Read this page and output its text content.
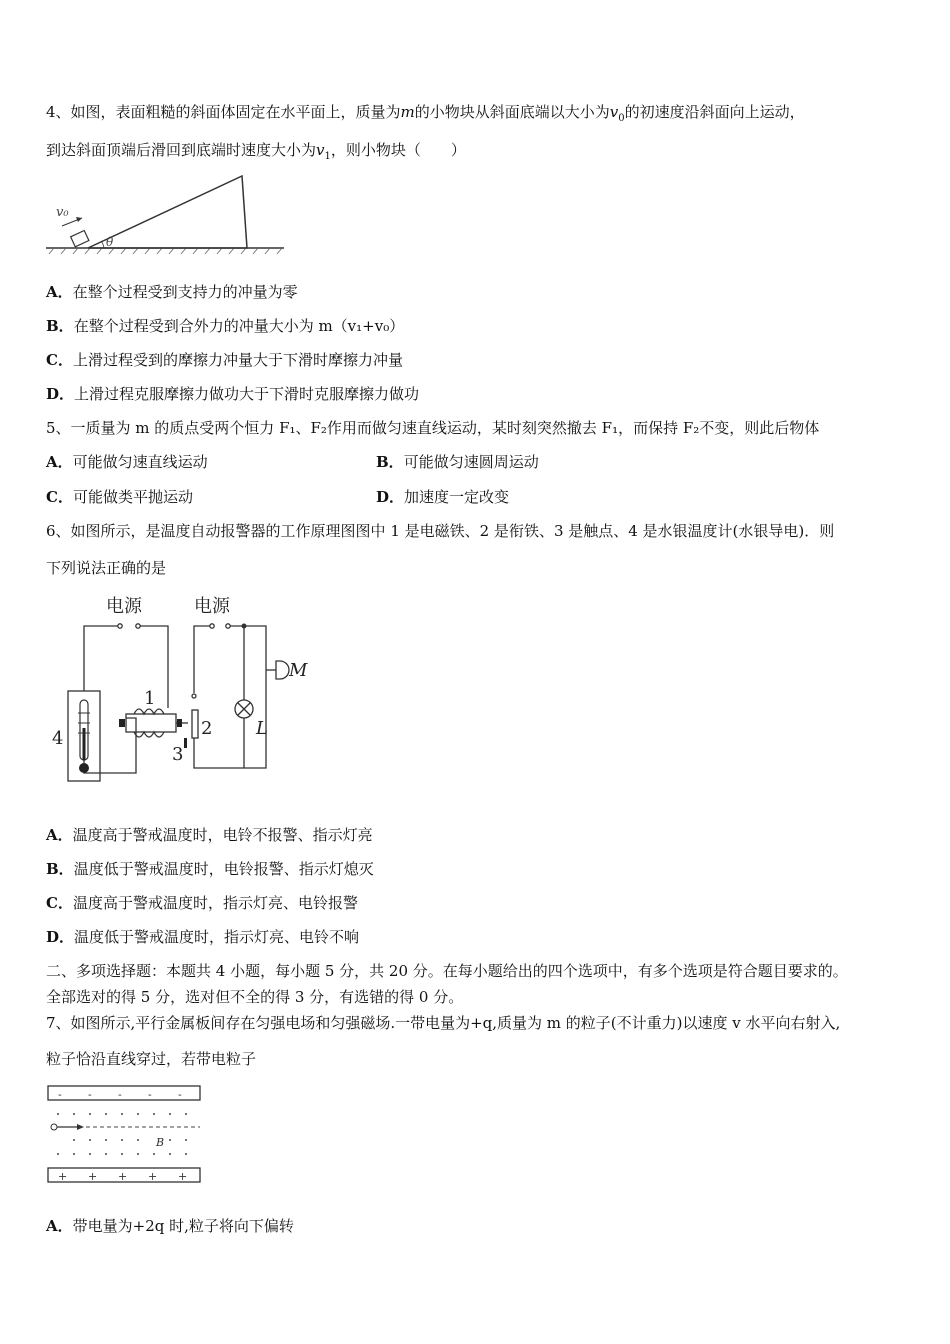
4、如图，表面粗糙的斜面体固定在水平面上，质量为m的小物块从斜面底端以大小为$v_0$的初速度沿斜面向上运动，
到达斜面顶端后滑回到底端时速度大小为$v_1$，则小物块（　　）
v₀
θ
A．在整个过程受到支持力的冲量为零
B．在整个过程受到合外力的冲量大小为 m（v₁+v₀）
C．上滑过程受到的摩擦力冲量大于下滑时摩擦力冲量
D．上滑过程克服摩擦力做功大于下滑时克服摩擦力做功
5、一质量为 m 的质点受两个恒力 F₁、F₂作用而做匀速直线运动，某时刻突然撤去 F₁，而保持 F₂不变，则此后物体
A．可能做匀速直线运动	B．可能做匀速圆周运动
C．可能做类平抛运动	D．加速度一定改变
6、如图所示，是温度自动报警器的工作原理图图中 1 是电磁铁、2 是衔铁、3 是触点、4 是水银温度计(水银导电)．则
下列说法正确的是
电源	电源
1
2
3
4
M
L
A．温度高于警戒温度时，电铃不报警、指示灯亮
B．温度低于警戒温度时，电铃报警、指示灯熄灭
C．温度高于警戒温度时，指示灯亮、电铃报警
D．温度低于警戒温度时，指示灯亮、电铃不响
二、多项选择题：本题共 4 小题，每小题 5 分，共 20 分。在每小题给出的四个选项中，有多个选项是符合题目要求的。
全部选对的得 5 分，选对但不全的得 3 分，有选错的得 0 分。
7、如图所示,平行金属板间存在匀强电场和匀强磁场.一带电量为+q,质量为 m 的粒子(不计重力)以速度 v 水平向右射入,
粒子恰沿直线穿过，若带电粒子
- - - - -
+ + + + +
B
A．带电量为+2q 时,粒子将向下偏转
